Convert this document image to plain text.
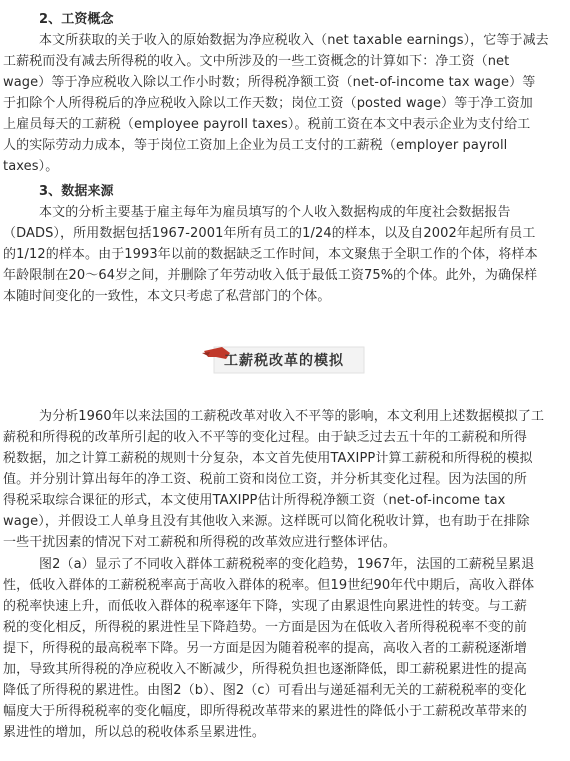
2、工资概念
本文所获取的关于收入的原始数据为净应税收入（net taxable earnings），它等于减去
工薪税而没有减去所得税的收入。文中所涉及的一些工资概念的计算如下：净工资（net
wage）等于净应税收入除以工作小时数；所得税净额工资（net-of-income tax wage）等
于扣除个人所得税后的净应税收入除以工作天数；岗位工资（posted wage）等于净工资加
上雇员每天的工薪税（employee payroll taxes）。税前工资在本文中表示企业为支付给工
人的实际劳动力成本，等于岗位工资加上企业为员工支付的工薪税（employer payroll
taxes）。
3、数据来源
本文的分析主要基于雇主每年为雇员填写的个人收入数据构成的年度社会数据报告
（DADS），所用数据包括1967-2001年所有员工的1/24的样本，以及自2002年起所有员工
的1/12的样本。由于1993年以前的数据缺乏工作时间，本文聚焦于全职工作的个体，将样本
年龄限制在20～64岁之间，并删除了年劳动收入低于最低工资75%的个体。此外，为确保样
本随时间变化的一致性，本文只考虑了私营部门的个体。
工薪税改革的模拟
为分析1960年以来法国的工薪税改革对收入不平等的影响，本文利用上述数据模拟了工
薪税和所得税的改革所引起的收入不平等的变化过程。由于缺乏过去五十年的工薪税和所得
税数据，加之计算工薪税的规则十分复杂，本文首先使用TAXIPP计算工薪税和所得税的模拟
值。并分别计算出每年的净工资、税前工资和岗位工资，并分析其变化过程。因为法国的所
得税采取综合课征的形式，本文使用TAXIPP估计所得税净额工资（net-of-income tax
wage），并假设工人单身且没有其他收入来源。这样既可以简化税收计算，也有助于在排除
一些干扰因素的情况下对工薪税和所得税的改革效应进行整体评估。
图2（a）显示了不同收入群体工薪税税率的变化趋势，1967年，法国的工薪税呈累退
性，低收入群体的工薪税税率高于高收入群体的税率。但19世纪90年代中期后，高收入群体
的税率快速上升，而低收入群体的税率逐年下降，实现了由累退性向累进性的转变。与工薪
税的变化相反，所得税的累进性呈下降趋势。一方面是因为在低收入者所得税税率不变的前
提下，所得税的最高税率下降。另一方面是因为随着税率的提高，高收入者的工薪税逐渐增
加，导致其所得税的净应税收入不断减少，所得税负担也逐渐降低，即工薪税累进性的提高
降低了所得税的累进性。由图2（b）、图2（c）可看出与递延福利无关的工薪税税率的变化
幅度大于所得税税率的变化幅度，即所得税改革带来的累进性的降低小于工薪税改革带来的
累进性的增加，所以总的税收体系呈累进性。
